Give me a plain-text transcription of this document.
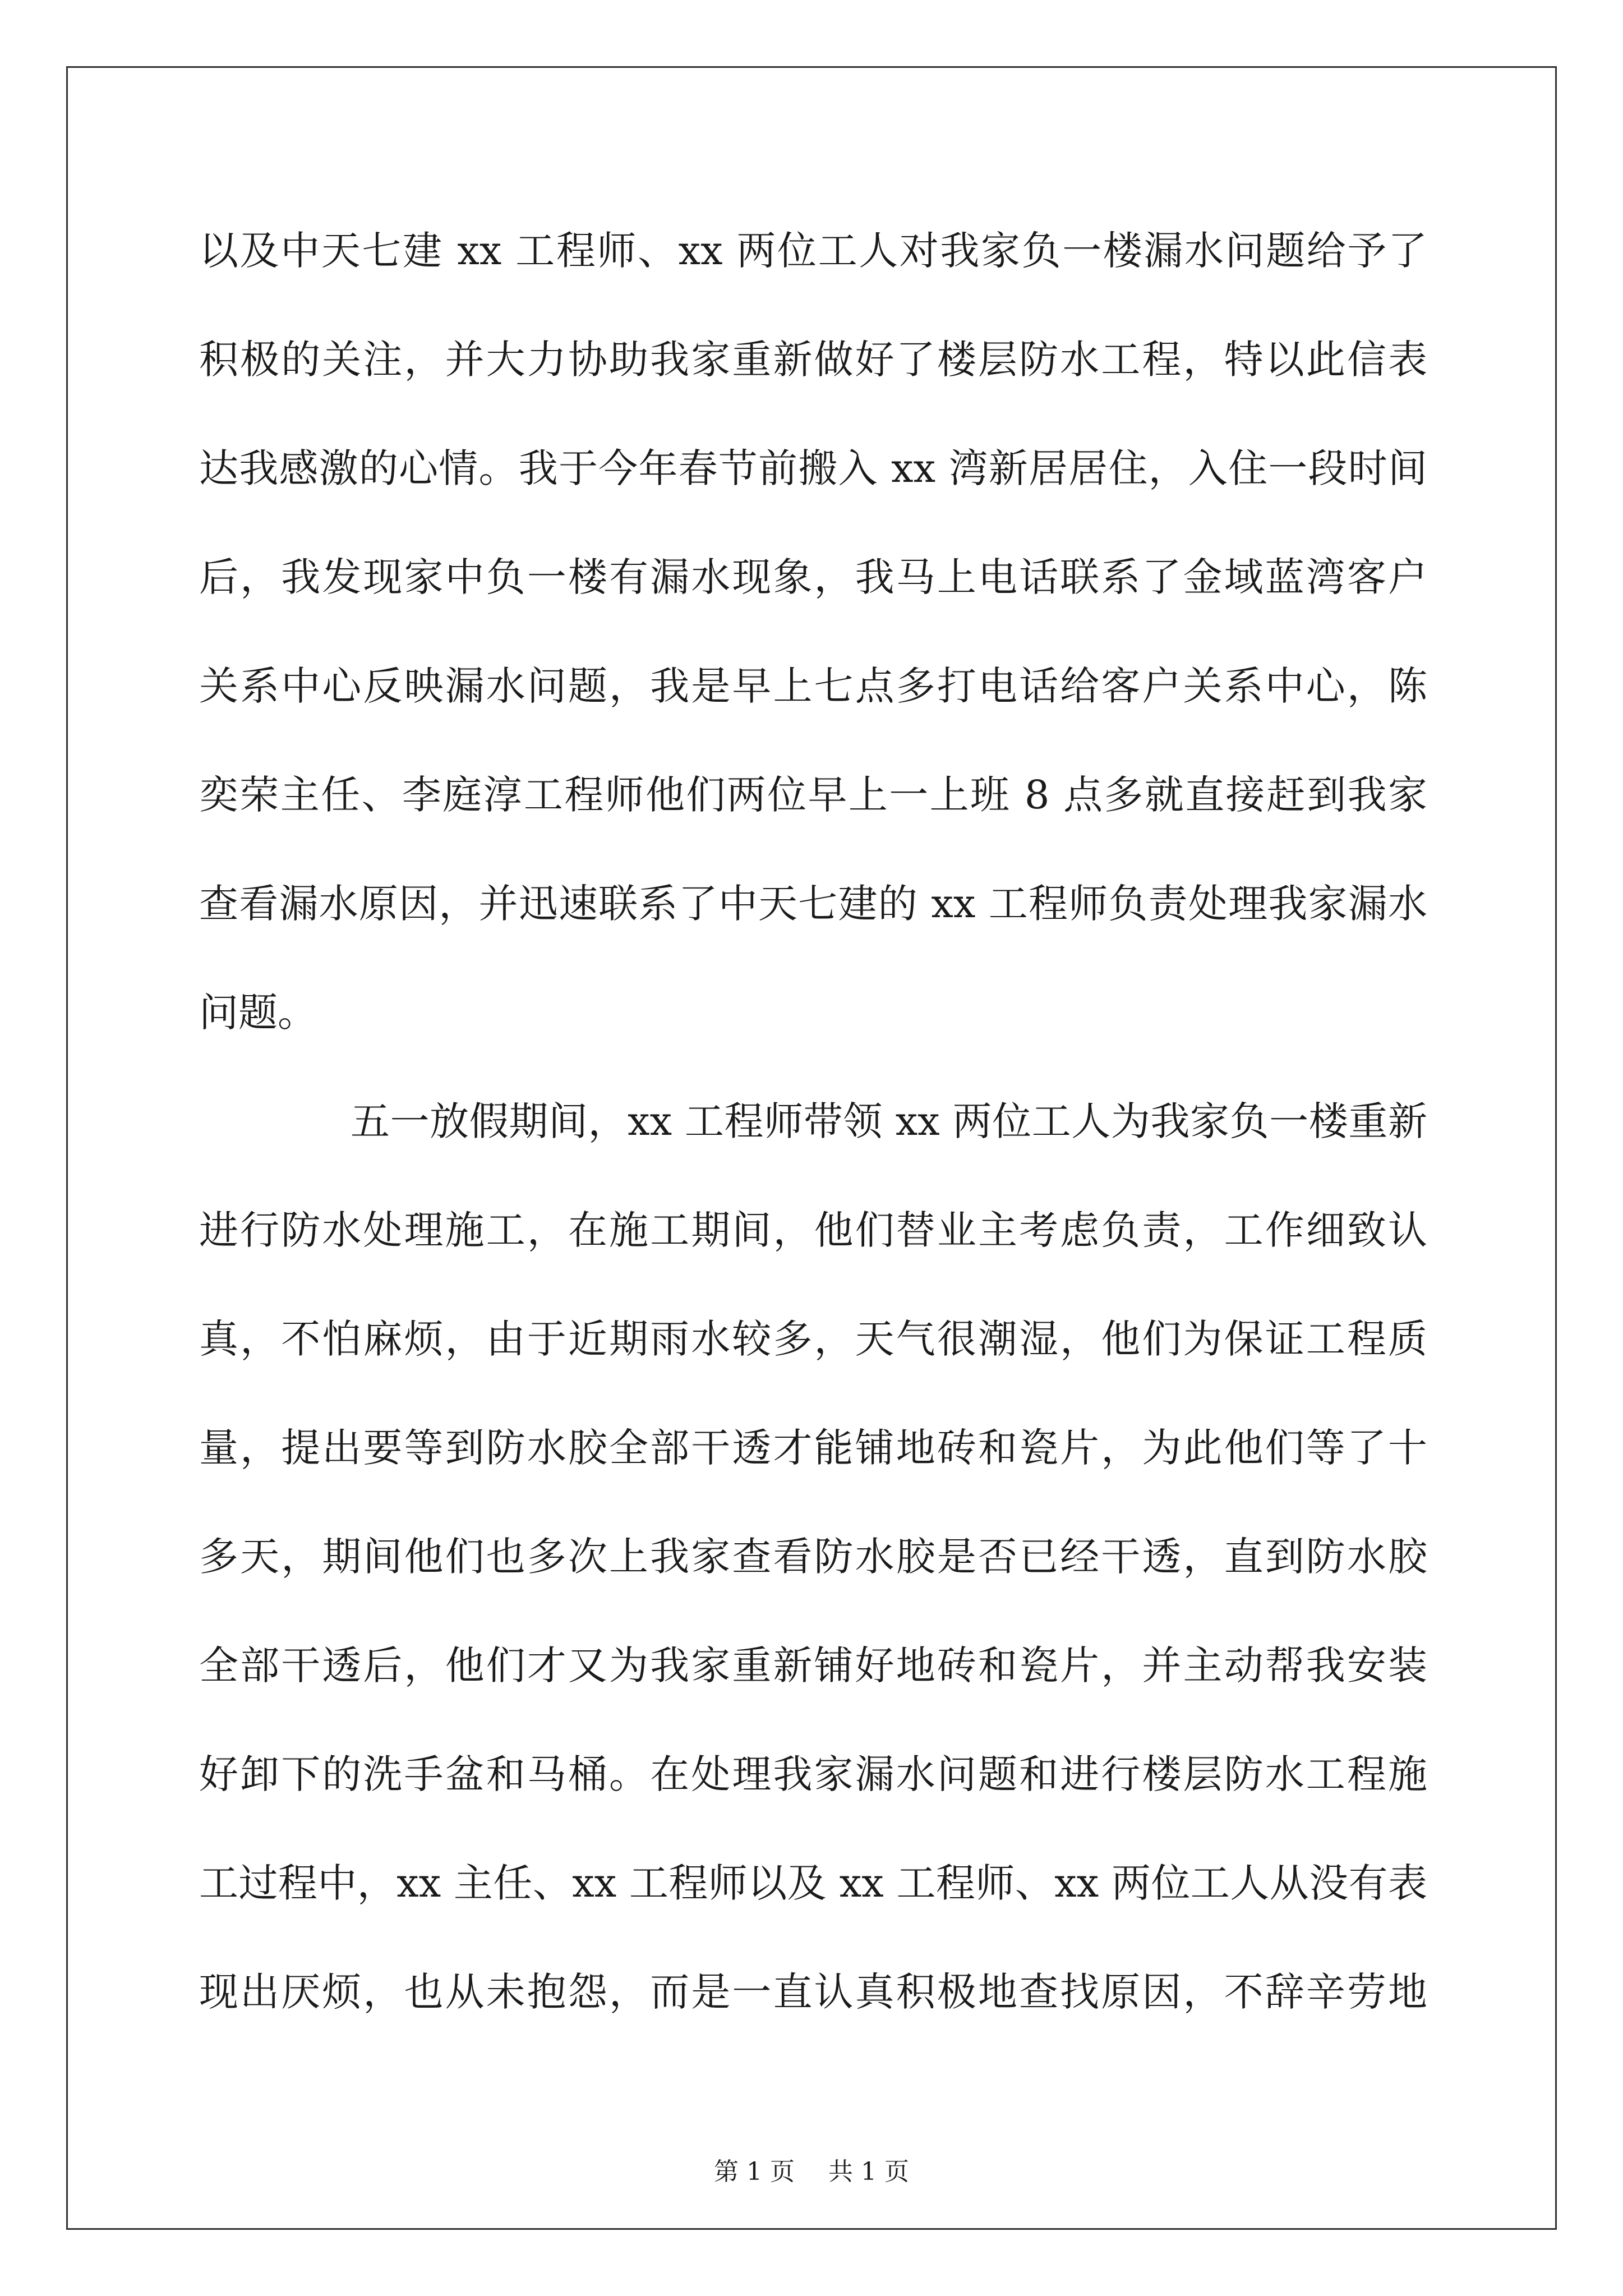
以及中天七建 xx 工程师、xx 两位工人对我家负一楼漏水问题给予了
积极的关注，并大力协助我家重新做好了楼层防水工程，特以此信表
达我感激的心情。我于今年春节前搬入 xx 湾新居居住，入住一段时间
后，我发现家中负一楼有漏水现象，我马上电话联系了金域蓝湾客户
关系中心反映漏水问题，我是早上七点多打电话给客户关系中心，陈
奕荣主任、李庭淳工程师他们两位早上一上班 8 点多就直接赶到我家
查看漏水原因，并迅速联系了中天七建的 xx 工程师负责处理我家漏水
问题。
五一放假期间，xx 工程师带领 xx 两位工人为我家负一楼重新
进行防水处理施工，在施工期间，他们替业主考虑负责，工作细致认
真，不怕麻烦，由于近期雨水较多，天气很潮湿，他们为保证工程质
量，提出要等到防水胶全部干透才能铺地砖和瓷片，为此他们等了十
多天，期间他们也多次上我家查看防水胶是否已经干透，直到防水胶
全部干透后，他们才又为我家重新铺好地砖和瓷片，并主动帮我安装
好卸下的洗手盆和马桶。在处理我家漏水问题和进行楼层防水工程施
工过程中，xx 主任、xx 工程师以及 xx 工程师、xx 两位工人从没有表
现出厌烦，也从未抱怨，而是一直认真积极地查找原因，不辞辛劳地
第 1 页 共 1 页
